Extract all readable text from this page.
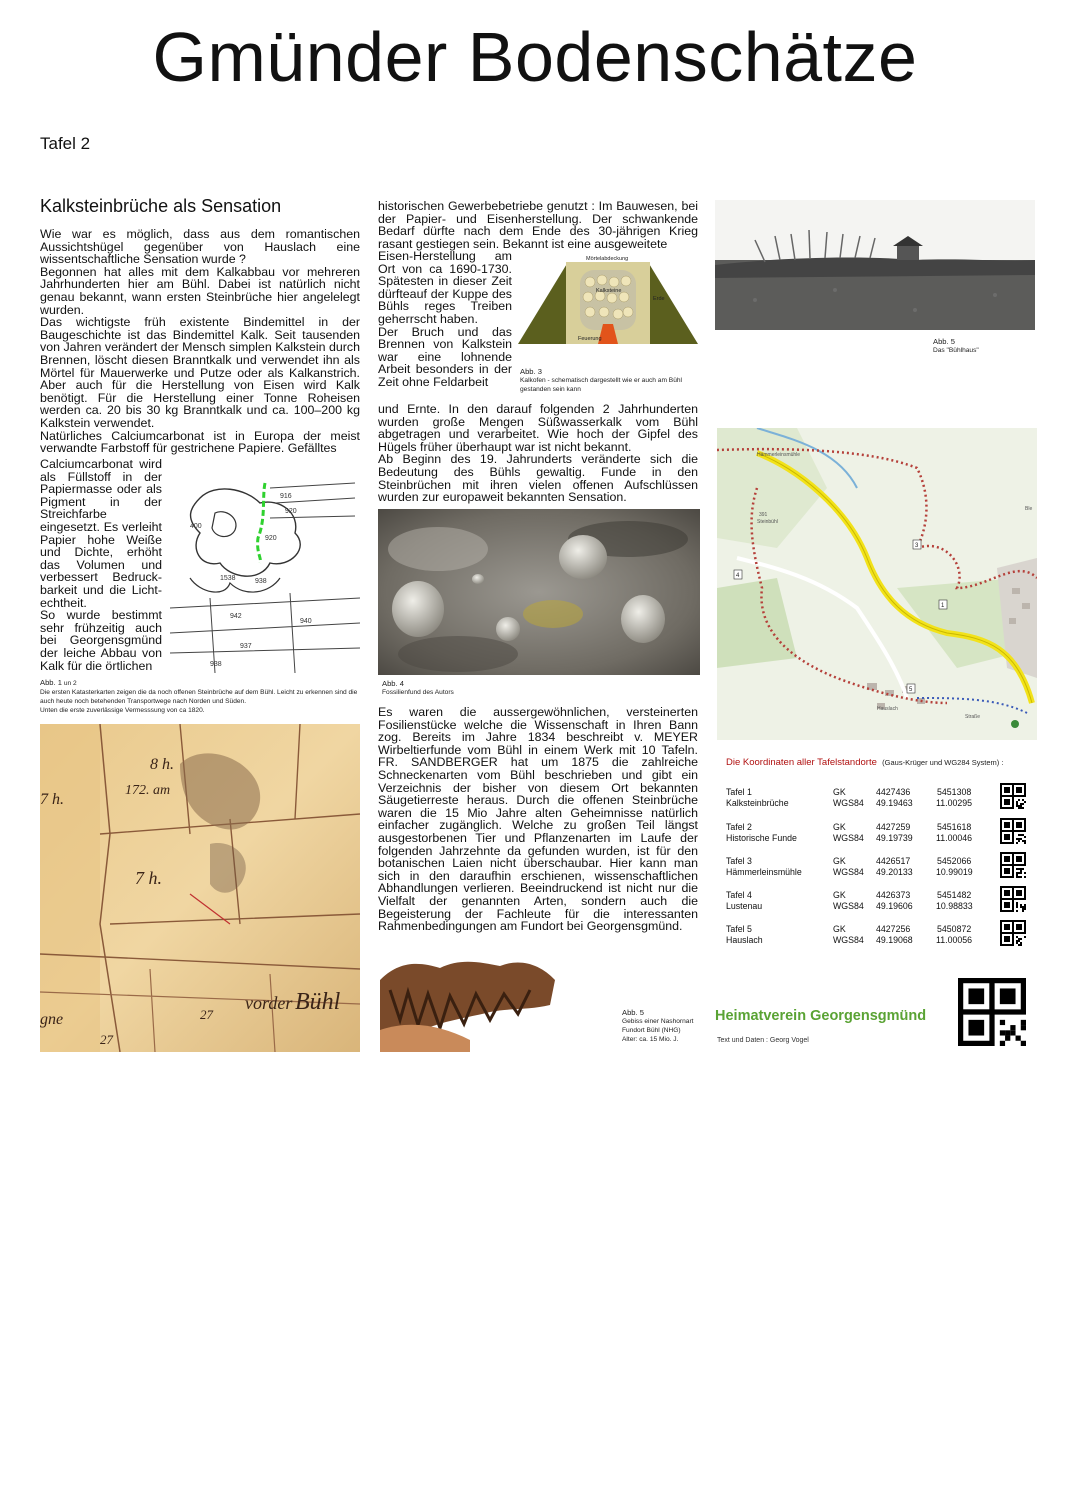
Gmünder Bodenschätze
Tafel 2
Kalksteinbrüche als Sensation

Wie war es möglich, dass aus dem romantischen Aussichtshügel gegenüber von Hauslach eine wissentschaftliche Sensation wurde ?

Begonnen hat alles mit dem Kalkabbau vor mehreren Jahrhunderten hier am Bühl. Dabei ist natürlich nicht genau bekannt, wann ersten Steinbrüche hier angelelegt wurden.

Das wichtigste früh existente Bindemittel in der Baugeschichte ist das Bindemittel Kalk. Seit tausenden von Jahren verändert der Mensch simplen Kalkstein durch Brennen, löscht diesen Branntkalk und verwendet ihn als Mörtel für Mauerwerke und Putze oder als Kalkanstrich. Aber auch für die Herstellung von Eisen wird Kalk benötigt. Für die Herstellung einer Tonne Roheisen werden ca. 20 bis 30 kg Branntkalk und ca. 100–200 kg Kalkstein verwendet.

Natürliches Calciumcarbonat ist in Europa der meist verwandte Farbstoff für gestrichene Papiere. Gefälltes

Calciumcarbonat wird als Füllstoff in der Papiermasse oder als Pigment in der Streichfarbe eingesetzt. Es verleiht Papier hohe Weiße und Dichte, erhöht das Volumen und verbessert Bedruck-barkeit und die Licht-echtheit.

So wurde bestimmt sehr frühzeitig auch bei Georgensgmünd der leiche Abbau von Kalk für die örtlichen

400
916
920
920
1538	938
942
940
937
938
Abb. 1 un 2
Die ersten Katasterkarten zeigen die da noch offenen Steinbrüche auf dem Bühl. Leicht zu erkennen sind die auch heute noch betehenden Transportwege nach Norden und Süden.
Unten die erste zuverlässige Vermesssung von ca 1820.
8 h.
172. am
7 h.
7 h.
27
vorder Bühl
27
gne

historischen Gewerbebetriebe genutzt : Im Bauwesen, bei der Papier- und Eisenherstellung. Der schwankende Bedarf dürfte nach dem Ende des 30-jährigen Krieg rasant gestiegen sein. Bekannt ist eine ausgeweitete

Eisen-Herstellung am Ort von ca 1690-1730. Spätesten in dieser Zeit dürfteauf der Kuppe des Bühls reges Treiben geherrscht haben.

Der Bruch und das Brennen von Kalkstein war eine lohnende Arbeit besonders in der Zeit ohne Feldarbeit

und Ernte. In den darauf folgenden 2 Jahrhunderten wurden große Mengen Süßwasserkalk vom Bühl abgetragen und verarbeitet. Wie hoch der Gipfel des Hügels früher überhaupt war ist nicht bekannt.

Ab Beginn des 19. Jahrunderts veränderte sich die Bedeutung des Bühls gewaltig. Funde in den Steinbrüchen mit ihren vielen offenen Aufschlüssen wurden zur europaweit bekannten Sensation.

Mörtelabdeckung
Kalksteine
Erde
Feuerung
Abb. 3
Kalkofen - schematisch dargestellt wie er auch am Bühl gestanden sein kann
Abb. 4
Fossilienfund des Autors

Es waren die aussergewöhnlichen, versteinerten Fosilienstücke welche die Wissenschaft in Ihren Bann zog. Bereits im Jahre 1834 beschreibt v. MEYER Wirbeltierfunde vom Bühl in einem Werk mit 10 Tafeln. FR. SANDBERGER hat um 1875 die zahlreiche Schneckenarten vom Bühl beschrieben und gibt ein Verzeichnis der bisher von diesem Ort bekannten Säugetierreste heraus. Durch die offenen Steinbrüche waren die 15 Mio Jahre alten Geheimnisse natürlich einfacher zugänglich. Welche zu großen Teil längst ausgestorbenen Tier und Pflanzenarten im Laufe der folgenden Jahrzehnte da gefunden wurden, ist für den botanischen Laien nicht überschaubar. Hier kann man sich in den daraufhin erschienen, wissenschaftlichen Abhandlungen verlieren. Beeindruckend ist nicht nur die Vielfalt der genannten Arten, sondern auch die Begeisterung der Fachleute für die interessanten Rahmenbedingungen am Fundort bei Georgensgmünd.

Abb. 5
Gebiss einer Nashornart
Fundort Bühl (NHG)
Alter: ca. 15 Mio. J.
Abb. 5
Das "Bühlhaus"
Hämmerleinsmühle
391
Steinbühl
Hauslach
Ble
Straße
3
4
1
5
Die Koordinaten aller Tafelstandorte (Gaus-Krüger und WG284 System) :
Tafel 1
Kalksteinbrüche
GK	4427436	5451308
WGS84 49.19463	11.00295
Tafel 2
Historische Funde
GK	4427259	5451618
WGS84 49.19739	11.00046
Tafel 3
Hämmerleinsmühle
GK	4426517	5452066
WGS84 49.20133	10.99019
Tafel 4
Lustenau
GK	4426373	5451482
WGS84 49.19606	10.98833
Tafel 5
Hauslach
GK	4427256	5450872
WGS84 49.19068	11.00056
Heimatverein Georgensgmünd
Text und Daten : Georg Vogel
